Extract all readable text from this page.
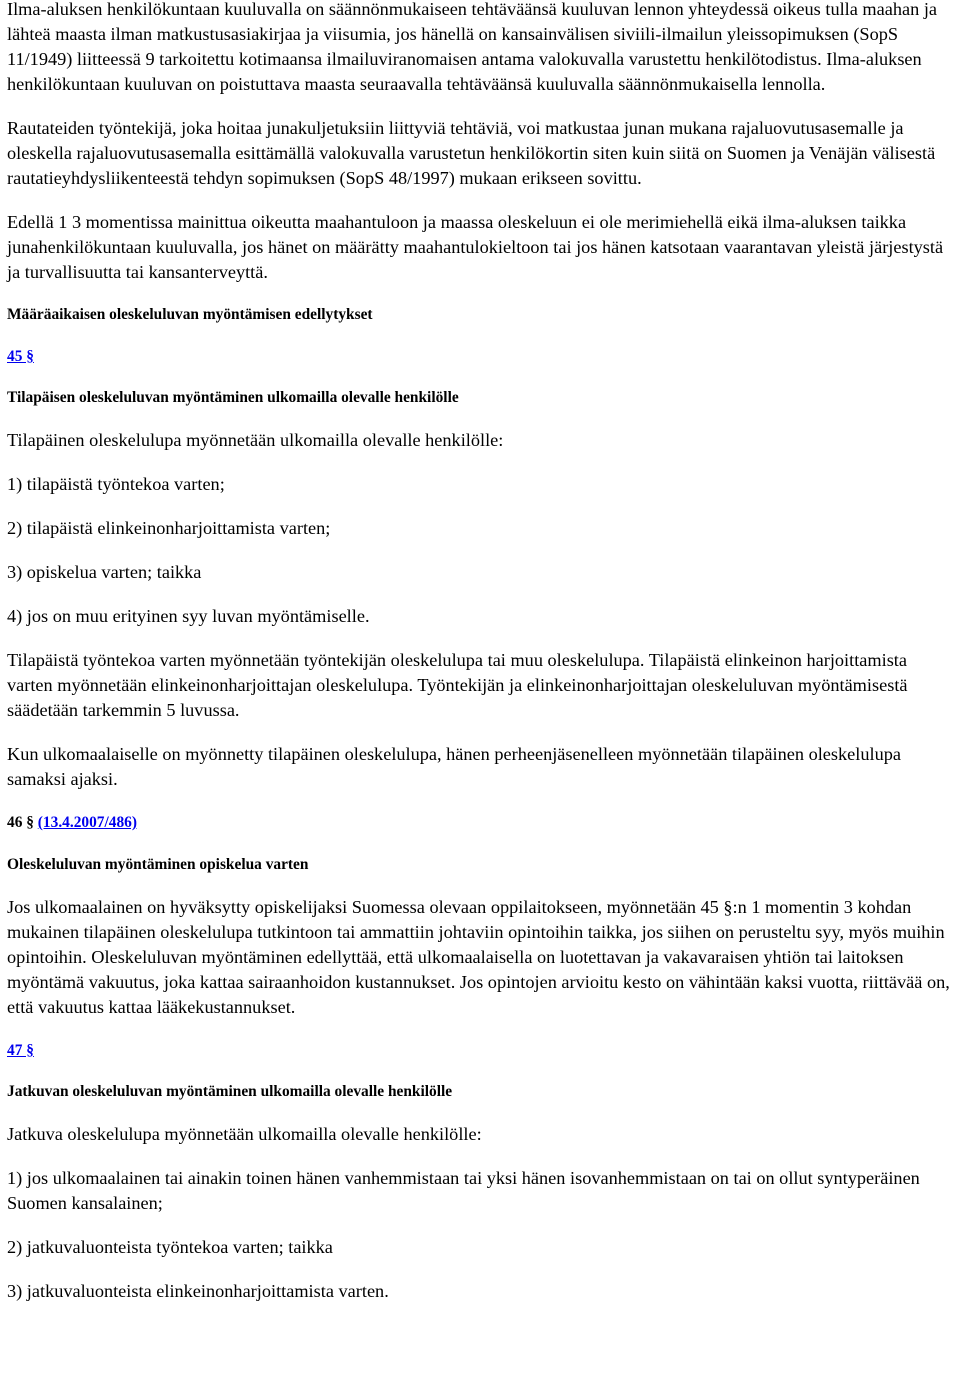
Ilma-aluksen henkilökuntaan kuuluvalla on säännönmukaiseen tehtäväänsä kuuluvan lennon yhteydessä oikeus tulla maahan ja lähteä maasta ilman matkustusasiakirjaa ja viisumia, jos hänellä on kansainvälisen siviili-ilmailun yleissopimuksen (SopS 11/1949) liitteessä 9 tarkoitettu kotimaansa ilmailuviranomaisen antama valokuvalla varustettu henkilötodistus. Ilma-aluksen henkilökuntaan kuuluvan on poistuttava maasta seuraavalla tehtäväänsä kuuluvalla säännönmukaisella lennolla.

Rautateiden työntekijä, joka hoitaa junakuljetuksiin liittyviä tehtäviä, voi matkustaa junan mukana rajaluovutusasemalle ja oleskella rajaluovutusasemalla esittämällä valokuvalla varustetun henkilökortin siten kuin siitä on Suomen ja Venäjän välisestä rautatieyhdysliikenteestä tehdyn sopimuksen (SopS 48/1997) mukaan erikseen sovittu.

Edellä 1 3 momentissa mainittua oikeutta maahantuloon ja maassa oleskeluun ei ole merimiehellä eikä ilma-aluksen taikka junahenkilökuntaan kuuluvalla, jos hänet on määrätty maahantulokieltoon tai jos hänen katsotaan vaarantavan yleistä järjestystä ja turvallisuutta tai kansanterveyttä.

Määräaikaisen oleskeluluvan myöntämisen edellytykset

45 §

Tilapäisen oleskeluluvan myöntäminen ulkomailla olevalle henkilölle

Tilapäinen oleskelulupa myönnetään ulkomailla olevalle henkilölle:

1) tilapäistä työntekoa varten;

2) tilapäistä elinkeinonharjoittamista varten;

3) opiskelua varten; taikka

4) jos on muu erityinen syy luvan myöntämiselle.

Tilapäistä työntekoa varten myönnetään työntekijän oleskelulupa tai muu oleskelulupa. Tilapäistä elinkeinon harjoittamista varten myönnetään elinkeinonharjoittajan oleskelulupa. Työntekijän ja elinkeinonharjoittajan oleskeluluvan myöntämisestä säädetään tarkemmin 5 luvussa.

Kun ulkomaalaiselle on myönnetty tilapäinen oleskelulupa, hänen perheenjäsenelleen myönnetään tilapäinen oleskelulupa samaksi ajaksi.

46 § (13.4.2007/486)

Oleskeluluvan myöntäminen opiskelua varten

Jos ulkomaalainen on hyväksytty opiskelijaksi Suomessa olevaan oppilaitokseen, myönnetään 45 §:n 1 momentin 3 kohdan mukainen tilapäinen oleskelulupa tutkintoon tai ammattiin johtaviin opintoihin taikka, jos siihen on perusteltu syy, myös muihin opintoihin. Oleskeluluvan myöntäminen edellyttää, että ulkomaalaisella on luotettavan ja vakavaraisen yhtiön tai laitoksen myöntämä vakuutus, joka kattaa sairaanhoidon kustannukset. Jos opintojen arvioitu kesto on vähintään kaksi vuotta, riittävää on, että vakuutus kattaa lääkekustannukset.

47 §

Jatkuvan oleskeluluvan myöntäminen ulkomailla olevalle henkilölle

Jatkuva oleskelulupa myönnetään ulkomailla olevalle henkilölle:

1) jos ulkomaalainen tai ainakin toinen hänen vanhemmistaan tai yksi hänen isovanhemmistaan on tai on ollut syntyperäinen Suomen kansalainen;

2) jatkuvaluonteista työntekoa varten; taikka

3) jatkuvaluonteista elinkeinonharjoittamista varten.
